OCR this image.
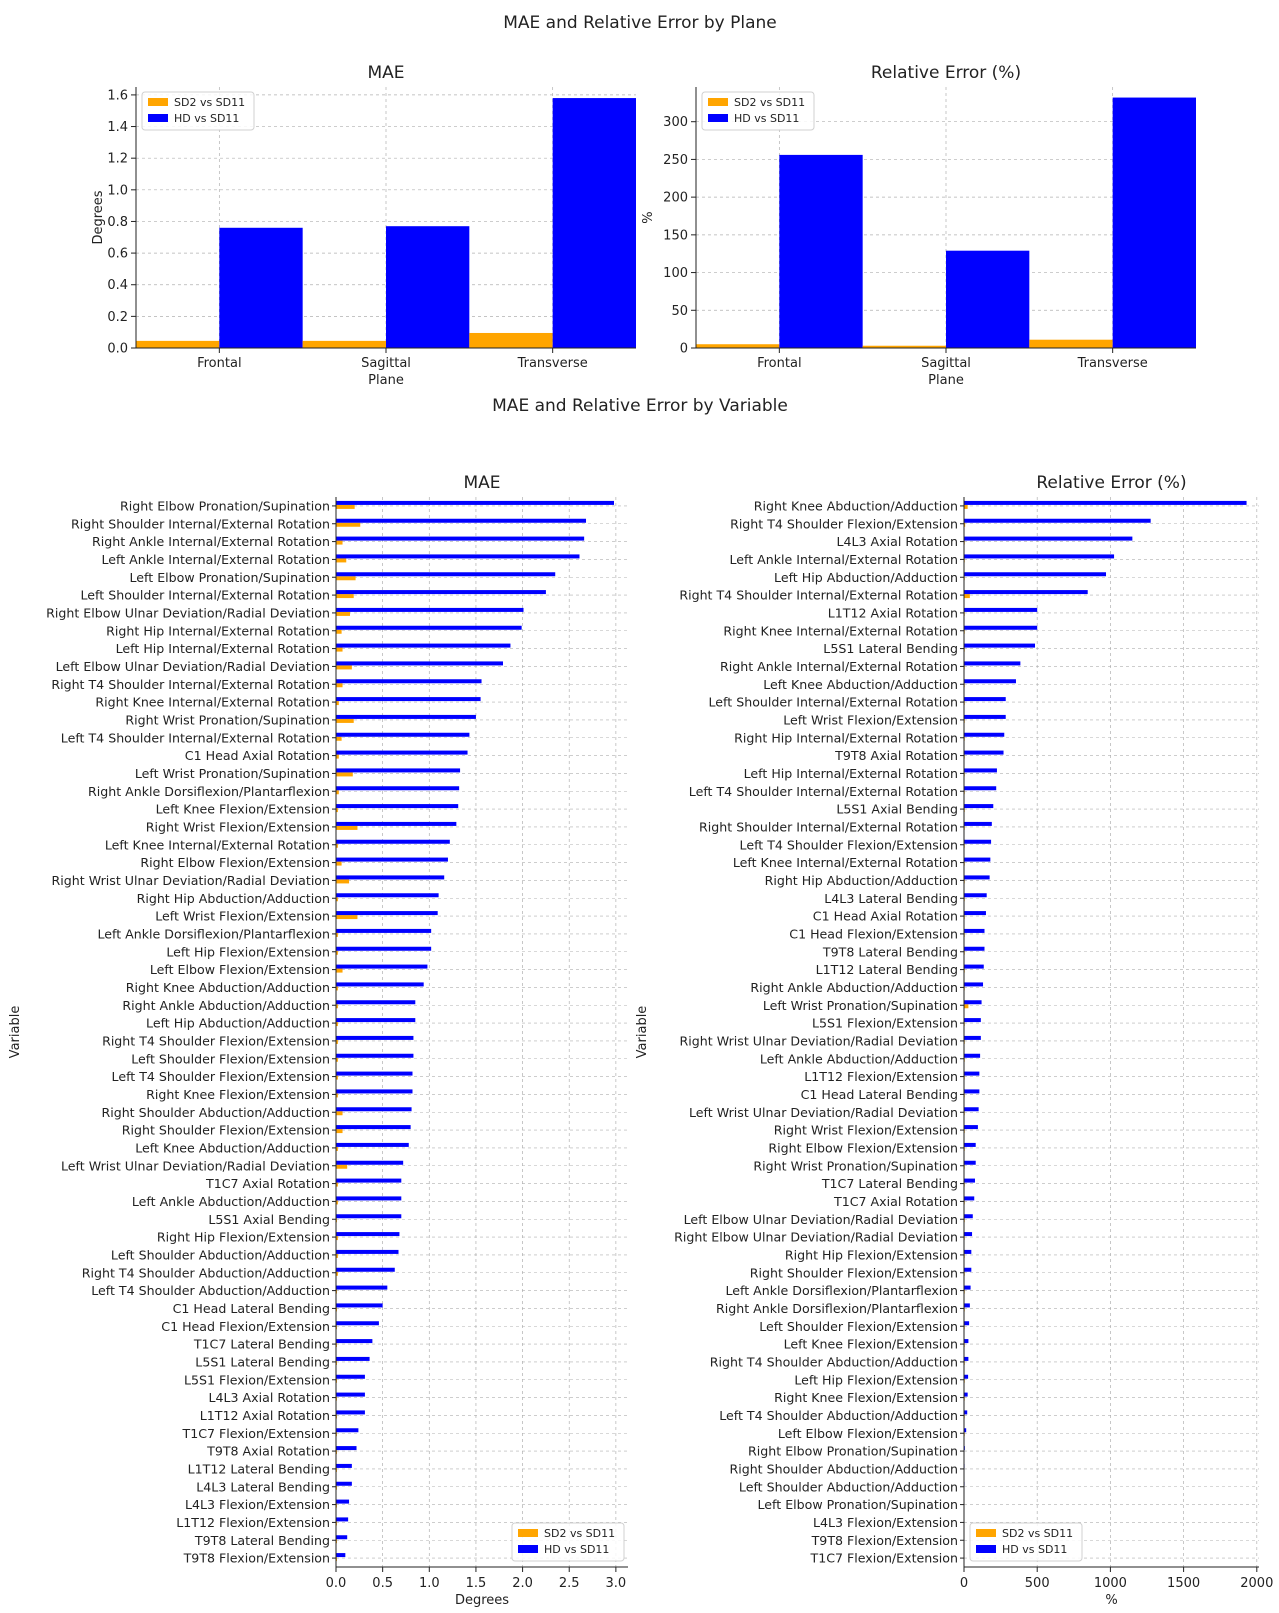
MAE and Relative Error by Plane
MAE and Relative Error by Variable
0.0
0.2
0.4
0.6
0.8
1.0
1.2
1.4
1.6
Frontal	Sagittal	Transverse
MAE
Plane
Degrees
SD2 vs SD11
HD vs SD11
0
50
100
150
200
250
300
Frontal	Sagittal	Transverse
Relative Error (%)
Plane
%
SD2 vs SD11
HD vs SD11
0.0 0.5 1.0 1.5 2.0 2.5 3.0
Right Elbow Pronation/Supination
Right Shoulder Internal/External Rotation
Right Ankle Internal/External Rotation
Left Ankle Internal/External Rotation
Left Elbow Pronation/Supination
Left Shoulder Internal/External Rotation
Right Elbow Ulnar Deviation/Radial Deviation
Right Hip Internal/External Rotation
Left Hip Internal/External Rotation
Left Elbow Ulnar Deviation/Radial Deviation
Right T4 Shoulder Internal/External Rotation
Right Knee Internal/External Rotation
Right Wrist Pronation/Supination
Left T4 Shoulder Internal/External Rotation
C1 Head Axial Rotation
Left Wrist Pronation/Supination
Right Ankle Dorsiflexion/Plantarflexion
Left Knee Flexion/Extension
Right Wrist Flexion/Extension
Left Knee Internal/External Rotation
Right Elbow Flexion/Extension
Right Wrist Ulnar Deviation/Radial Deviation
Right Hip Abduction/Adduction
Left Wrist Flexion/Extension
Left Ankle Dorsiflexion/Plantarflexion
Left Hip Flexion/Extension
Left Elbow Flexion/Extension
Right Knee Abduction/Adduction
Right Ankle Abduction/Adduction
Left Hip Abduction/Adduction
Right T4 Shoulder Flexion/Extension
Left Shoulder Flexion/Extension
Left T4 Shoulder Flexion/Extension
Right Knee Flexion/Extension
Right Shoulder Abduction/Adduction
Right Shoulder Flexion/Extension
Left Knee Abduction/Adduction
Left Wrist Ulnar Deviation/Radial Deviation
T1C7 Axial Rotation
Left Ankle Abduction/Adduction
L5S1 Axial Bending
Right Hip Flexion/Extension
Left Shoulder Abduction/Adduction
Right T4 Shoulder Abduction/Adduction
Left T4 Shoulder Abduction/Adduction
C1 Head Lateral Bending
C1 Head Flexion/Extension
T1C7 Lateral Bending
L5S1 Lateral Bending
L5S1 Flexion/Extension
L4L3 Axial Rotation
L1T12 Axial Rotation
T1C7 Flexion/Extension
T9T8 Axial Rotation
L1T12 Lateral Bending
L4L3 Lateral Bending
L4L3 Flexion/Extension
L1T12 Flexion/Extension
T9T8 Lateral Bending
T9T8 Flexion/Extension
MAE
Degrees
Variable
SD2 vs SD11
HD vs SD11
0	500	1000	1500	2000
Right Knee Abduction/Adduction
Right T4 Shoulder Flexion/Extension
L4L3 Axial Rotation
Left Ankle Internal/External Rotation
Left Hip Abduction/Adduction
Right T4 Shoulder Internal/External Rotation
L1T12 Axial Rotation
Right Knee Internal/External Rotation
L5S1 Lateral Bending
Right Ankle Internal/External Rotation
Left Knee Abduction/Adduction
Left Shoulder Internal/External Rotation
Left Wrist Flexion/Extension
Right Hip Internal/External Rotation
T9T8 Axial Rotation
Left Hip Internal/External Rotation
Left T4 Shoulder Internal/External Rotation
L5S1 Axial Bending
Right Shoulder Internal/External Rotation
Left T4 Shoulder Flexion/Extension
Left Knee Internal/External Rotation
Right Hip Abduction/Adduction
L4L3 Lateral Bending
C1 Head Axial Rotation
C1 Head Flexion/Extension
T9T8 Lateral Bending
L1T12 Lateral Bending
Right Ankle Abduction/Adduction
Left Wrist Pronation/Supination
L5S1 Flexion/Extension
Right Wrist Ulnar Deviation/Radial Deviation
Left Ankle Abduction/Adduction
L1T12 Flexion/Extension
C1 Head Lateral Bending
Left Wrist Ulnar Deviation/Radial Deviation
Right Wrist Flexion/Extension
Right Elbow Flexion/Extension
Right Wrist Pronation/Supination
T1C7 Lateral Bending
T1C7 Axial Rotation
Left Elbow Ulnar Deviation/Radial Deviation
Right Elbow Ulnar Deviation/Radial Deviation
Right Hip Flexion/Extension
Right Shoulder Flexion/Extension
Left Ankle Dorsiflexion/Plantarflexion
Right Ankle Dorsiflexion/Plantarflexion
Left Shoulder Flexion/Extension
Left Knee Flexion/Extension
Right T4 Shoulder Abduction/Adduction
Left Hip Flexion/Extension
Right Knee Flexion/Extension
Left T4 Shoulder Abduction/Adduction
Left Elbow Flexion/Extension
Right Elbow Pronation/Supination
Right Shoulder Abduction/Adduction
Left Shoulder Abduction/Adduction
Left Elbow Pronation/Supination
L4L3 Flexion/Extension
T9T8 Flexion/Extension
T1C7 Flexion/Extension
Relative Error (%)
%
Variable
SD2 vs SD11
HD vs SD11
